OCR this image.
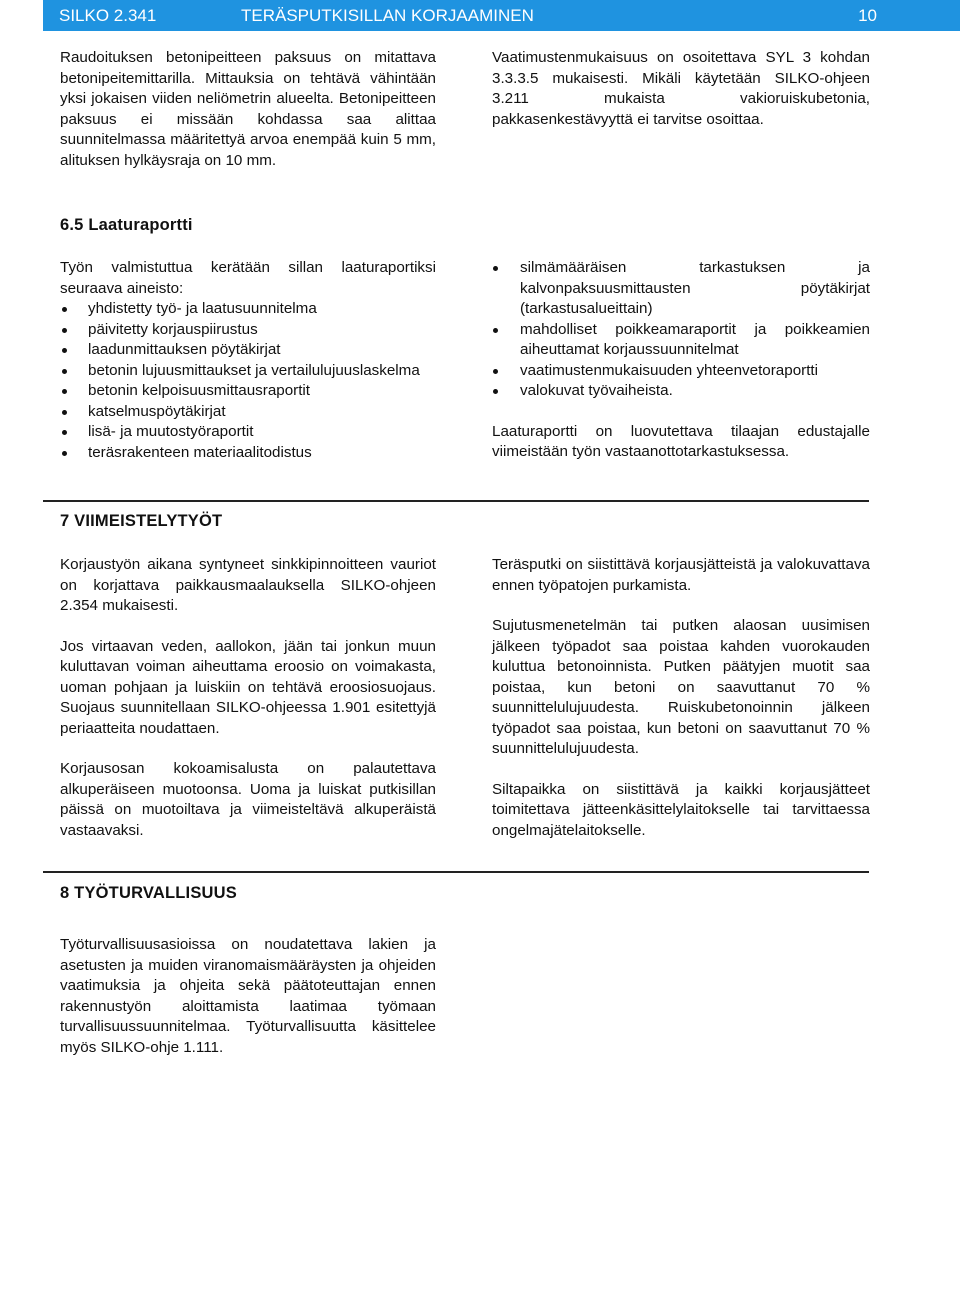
SILKO 2.341	TERÄSPUTKISILLAN KORJAAMINEN	10

Raudoituksen betonipeitteen paksuus on mitattava betonipeitemittarilla. Mittauksia on tehtävä vähintään yksi jokaisen viiden neliömetrin alueelta. Betonipeitteen paksuus ei missään kohdassa saa alittaa suunnitelmassa määritettyä arvoa enempää kuin 5 mm, alituksen hylkäysraja on 10 mm.

Vaatimustenmukaisuus on osoitettava SYL 3 kohdan 3.3.3.5 mukaisesti. Mikäli käytetään SILKO-ohjeen 3.211 mukaista vakioruiskubetonia, pakkasenkestävyyttä ei tarvitse osoittaa.

6.5 Laaturaportti

Työn valmistuttua kerätään sillan laaturaportiksi seuraava aineisto:

yhdistetty työ- ja laatusuunnitelma
päivitetty korjauspiirustus
laadunmittauksen pöytäkirjat
betonin lujuusmittaukset ja vertailulujuuslaskelma
betonin kelpoisuusmittausraportit
katselmuspöytäkirjat
lisä- ja muutostyöraportit
teräsrakenteen materiaalitodistus
silmämääräisen tarkastuksen ja kalvonpaksuusmittausten pöytäkirjat (tarkastusalueittain)
mahdolliset poikkeamaraportit ja poikkeamien aiheuttamat korjaussuunnitelmat
vaatimustenmukaisuuden yhteenvetoraportti
valokuvat työvaiheista.

Laaturaportti on luovutettava tilaajan edustajalle viimeistään työn vastaanottotarkastuksessa.

7 VIIMEISTELYTYÖT

Korjaustyön aikana syntyneet sinkkipinnoitteen vauriot on korjattava paikkausmaalauksella SILKO-ohjeen 2.354 mukaisesti.

Jos virtaavan veden, aallokon, jään tai jonkun muun kuluttavan voiman aiheuttama eroosio on voimakasta, uoman pohjaan ja luiskiin on tehtävä eroosiosuojaus. Suojaus suunnitellaan SILKO-ohjeessa 1.901 esitettyjä periaatteita noudattaen.

Korjausosan kokoamisalusta on palautettava alkuperäiseen muotoonsa. Uoma ja luiskat putkisillan päissä on muotoiltava ja viimeisteltävä alkuperäistä vastaavaksi.

Teräsputki on siistittävä korjausjätteistä ja valokuvattava ennen työpatojen purkamista.

Sujutusmenetelmän tai putken alaosan uusimisen jälkeen työpadot saa poistaa kahden vuorokauden kuluttua betonoinnista. Putken päätyjen muotit saa poistaa, kun betoni on saavuttanut 70 % suunnittelulujuudesta. Ruiskubetonoinnin jälkeen työpadot saa poistaa, kun betoni on saavuttanut 70 % suunnittelulujuudesta.

Siltapaikka on siistittävä ja kaikki korjausjätteet toimitettava jätteenkäsittelylaitokselle tai tarvittaessa ongelmajätelaitokselle.

8 TYÖTURVALLISUUS

Työturvallisuusasioissa on noudatettava lakien ja asetusten ja muiden viranomaismääräysten ja ohjeiden vaatimuksia ja ohjeita sekä päätoteuttajan ennen rakennustyön aloittamista laatimaa työmaan turvallisuussuunnitelmaa. Työturvallisuutta käsittelee myös SILKO-ohje 1.111.
